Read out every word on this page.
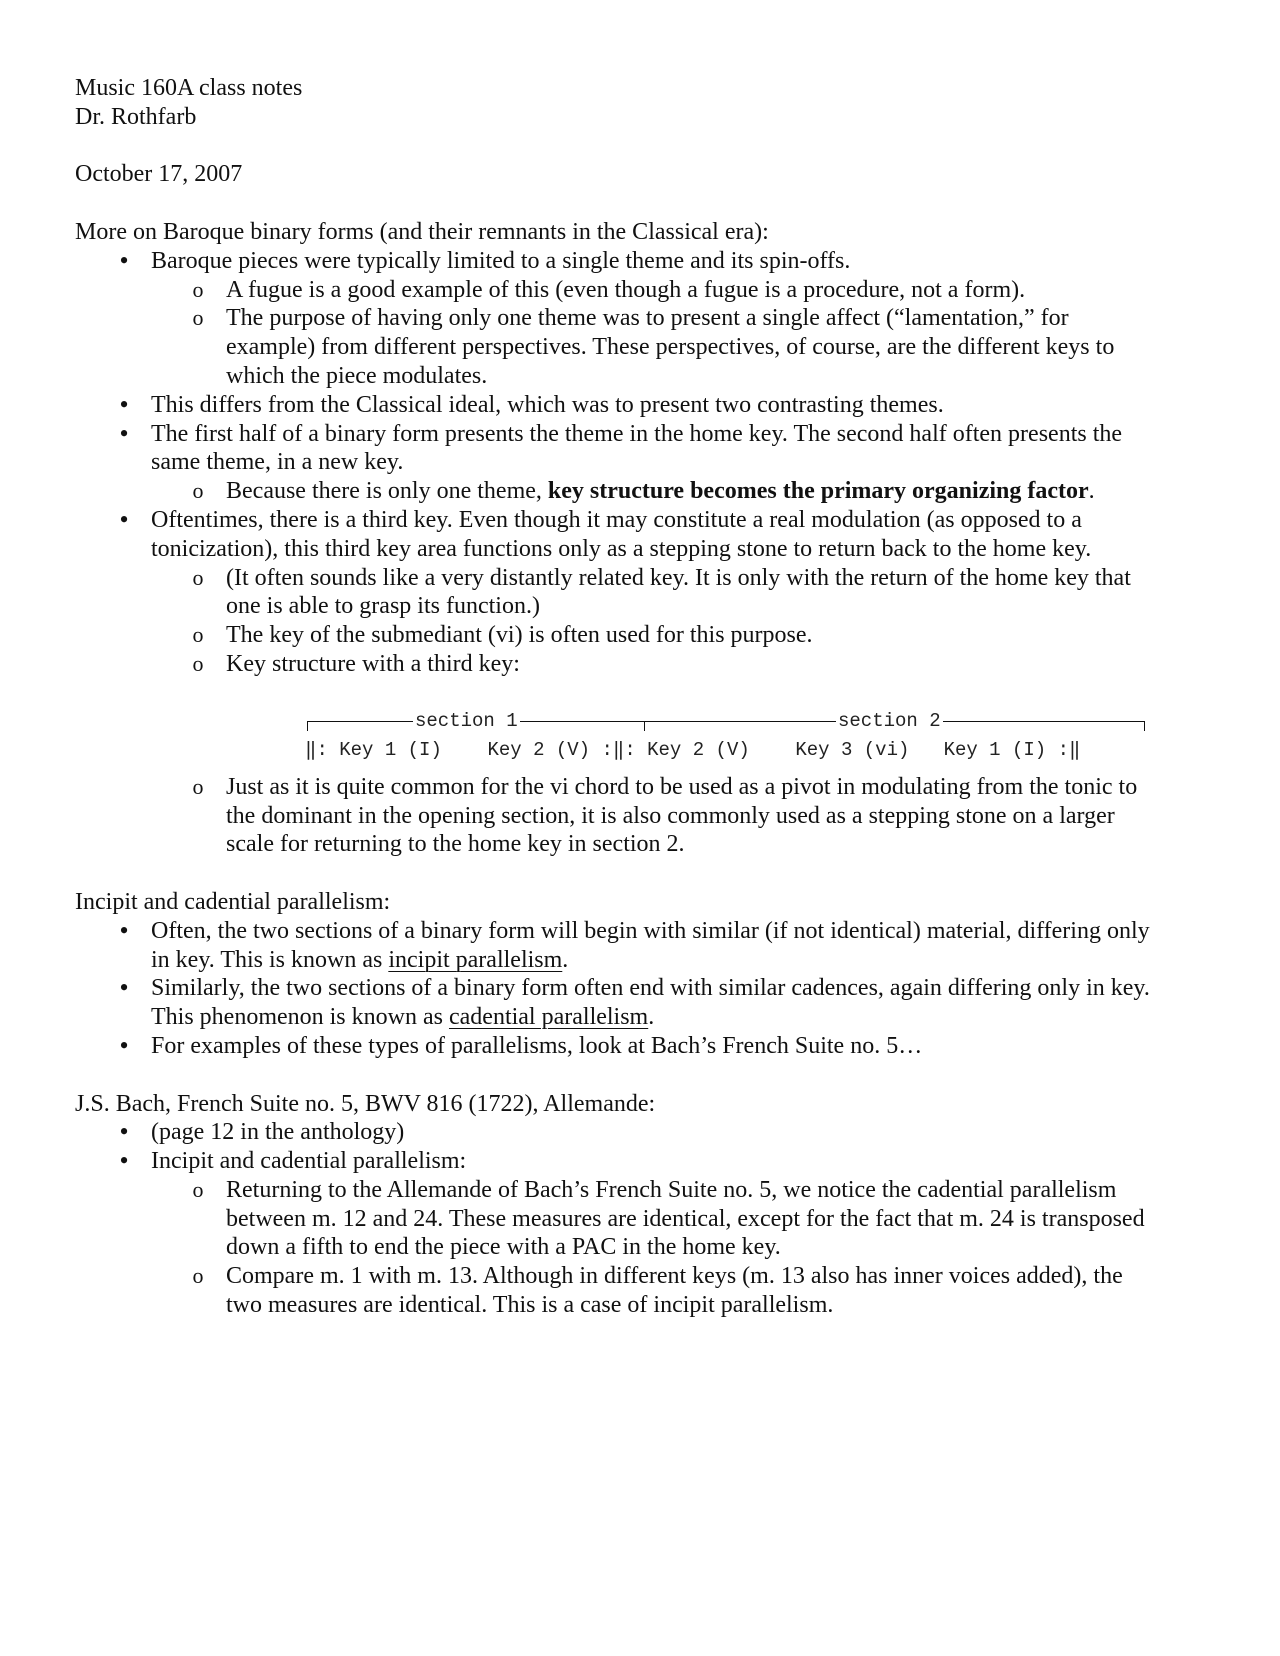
Music 160A class notes

Dr. Rothfarb

October 17, 2007

More on Baroque binary forms (and their remnants in the Classical era):

•

Baroque pieces were typically limited to a single theme and its spin-offs.

o

A fugue is a good example of this (even though a fugue is a procedure, not a form).

o

The purpose of having only one theme was to present a single affect (“lamentation,” for

example) from different perspectives. These perspectives, of course, are the different keys to

which the piece modulates.

•

This differs from the Classical ideal, which was to present two contrasting themes.

•

The first half of a binary form presents the theme in the home key. The second half often presents the

same theme, in a new key.

o

Because there is only one theme, key structure becomes the primary organizing factor.

•

Oftentimes, there is a third key. Even though it may constitute a real modulation (as opposed to a

tonicization), this third key area functions only as a stepping stone to return back to the home key.

o

(It often sounds like a very distantly related key. It is only with the return of the home key that

one is able to grasp its function.)

o

The key of the submediant (vi) is often used for this purpose.

o

Key structure with a third key:

section 1	section 2
‖: Key 1 (I)    Key 2 (V) :‖: Key 2 (V)    Key 3 (vi)   Key 1 (I) :‖
o

Just as it is quite common for the vi chord to be used as a pivot in modulating from the tonic to

the dominant in the opening section, it is also commonly used as a stepping stone on a larger

scale for returning to the home key in section 2.

Incipit and cadential parallelism:

•

Often, the two sections of a binary form will begin with similar (if not identical) material, differing only

in key. This is known as incipit parallelism.

•

Similarly, the two sections of a binary form often end with similar cadences, again differing only in key.

This phenomenon is known as cadential parallelism.

•

For examples of these types of parallelisms, look at Bach’s French Suite no. 5…

J.S. Bach, French Suite no. 5, BWV 816 (1722), Allemande:

•

(page 12 in the anthology)

•

Incipit and cadential parallelism:

o

Returning to the Allemande of Bach’s French Suite no. 5, we notice the cadential parallelism

between m. 12 and 24. These measures are identical, except for the fact that m. 24 is transposed

down a fifth to end the piece with a PAC in the home key.

o

Compare m. 1 with m. 13. Although in different keys (m. 13 also has inner voices added), the

two measures are identical. This is a case of incipit parallelism.
